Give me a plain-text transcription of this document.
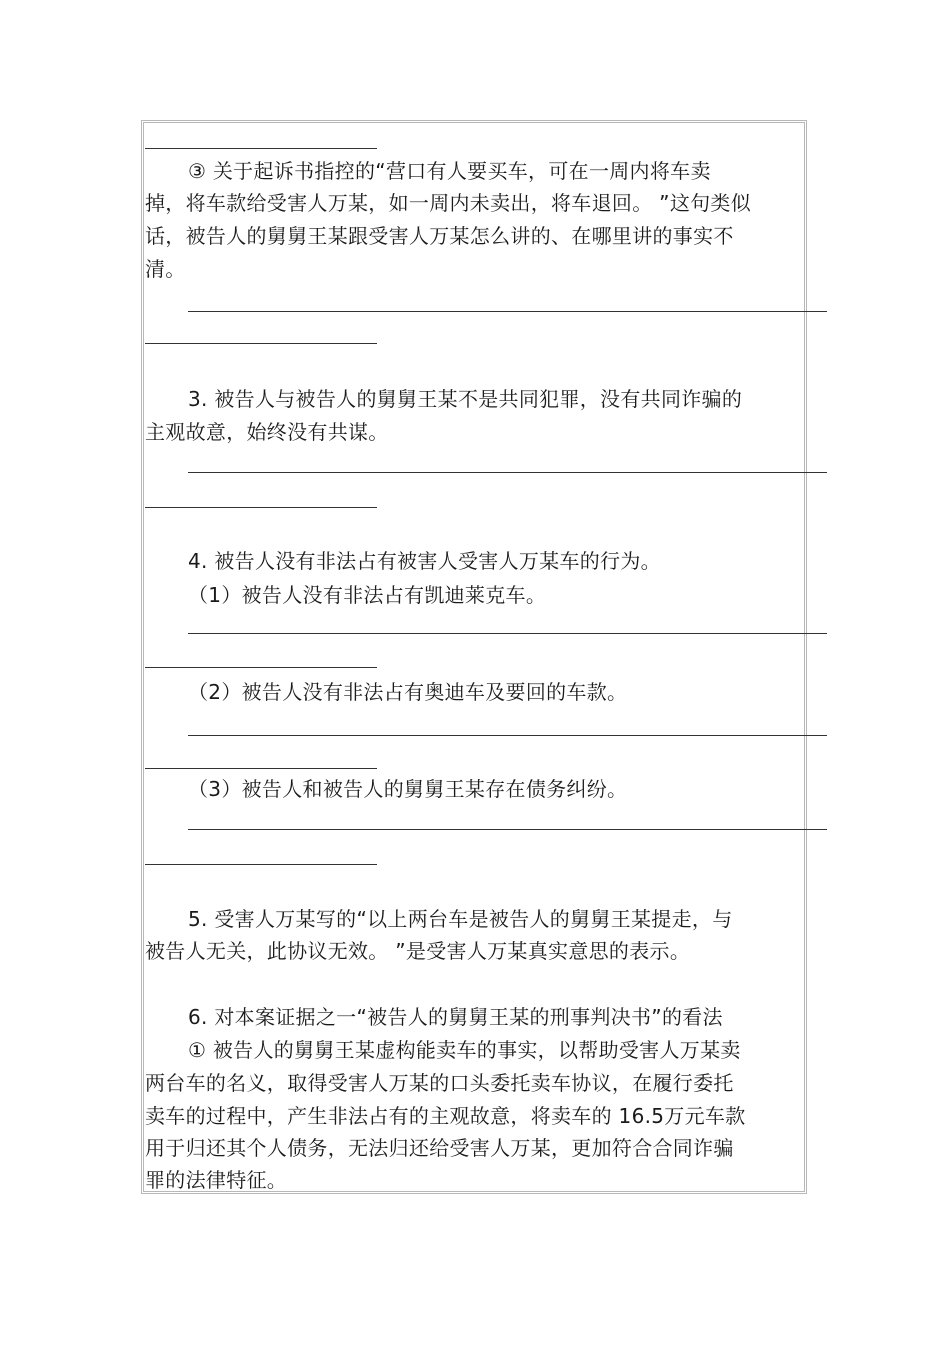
③ 关于起诉书指控的“营口有人要买车，可在一周内将车卖
掉，将车款给受害人万某，如一周内未卖出，将车退回。 ”这句类似
话，被告人的舅舅王某跟受害人万某怎么讲的、在哪里讲的事实不
清。
3. 被告人与被告人的舅舅王某不是共同犯罪，没有共同诈骗的
主观故意，始终没有共谋。
4. 被告人没有非法占有被害人受害人万某车的行为。
（1）被告人没有非法占有凯迪莱克车。
（2）被告人没有非法占有奥迪车及要回的车款。
（3）被告人和被告人的舅舅王某存在债务纠纷。
5. 受害人万某写的“以上两台车是被告人的舅舅王某提走，与
被告人无关，此协议无效。 ”是受害人万某真实意思的表示。
6. 对本案证据之一“被告人的舅舅王某的刑事判决书”的看法
① 被告人的舅舅王某虚构能卖车的事实，以帮助受害人万某卖
两台车的名义，取得受害人万某的口头委托卖车协议，在履行委托
卖车的过程中，产生非法占有的主观故意，将卖车的 16.5万元车款
用于归还其个人债务，无法归还给受害人万某，更加符合合同诈骗
罪的法律特征。
